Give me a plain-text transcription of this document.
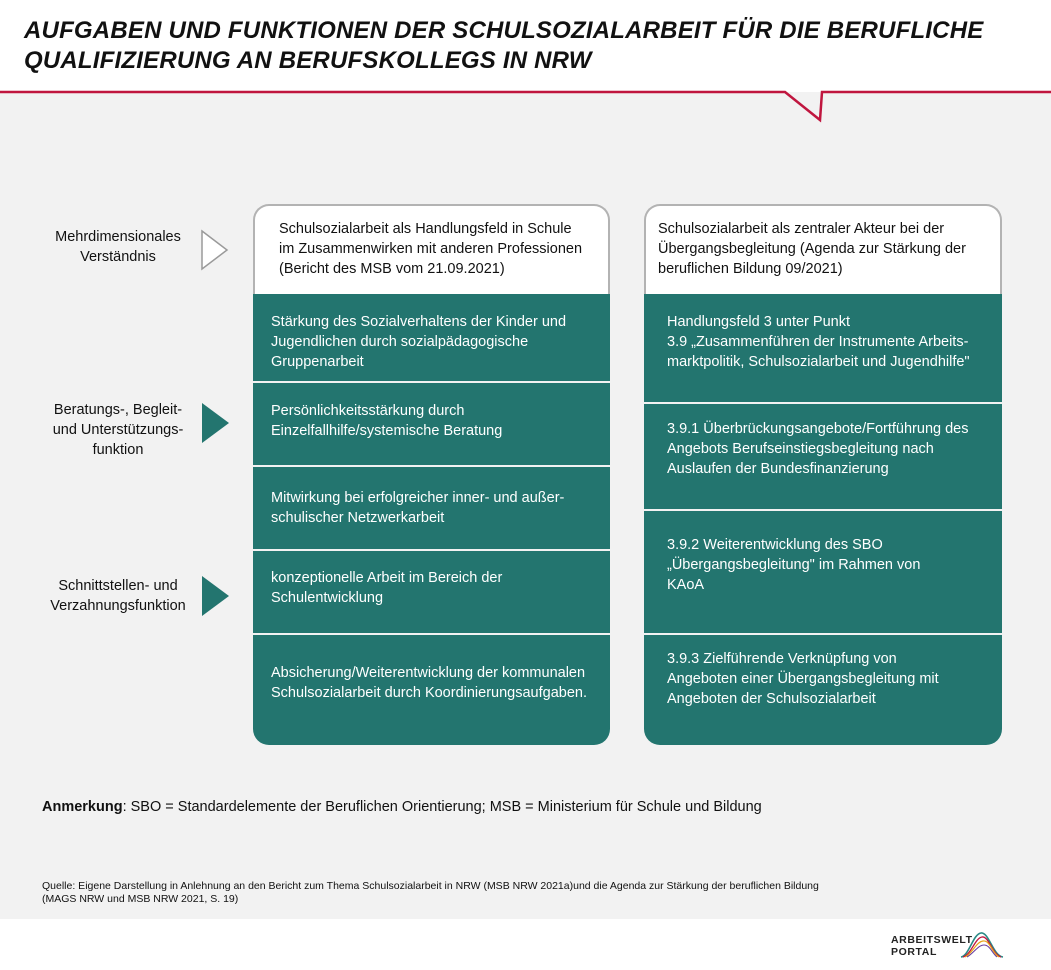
AUFGABEN UND FUNKTIONEN DER SCHULSOZIALARBEIT FÜR DIE BERUFLICHE
QUALIFIZIERUNG AN BERUFSKOLLEGS IN NRW
Mehrdimensionales
Verständnis
Beratungs-, Begleit-
und Unterstützungs-
funktion
Schnittstellen- und
Verzahnungsfunktion
Schulsozialarbeit als Handlungsfeld in Schule
im Zusammenwirken mit anderen Professionen
(Bericht des MSB vom 21.09.2021)
Stärkung des Sozialverhaltens der Kinder und
Jugendlichen durch sozialpädagogische
Gruppenarbeit
Persönlichkeitsstärkung durch
Einzelfallhilfe/systemische Beratung
Mitwirkung bei erfolgreicher inner- und außer-
schulischer Netzwerkarbeit
konzeptionelle Arbeit im Bereich der
Schulentwicklung
Absicherung/Weiterentwicklung der kommunalen
Schulsozialarbeit durch Koordinierungsaufgaben.
Schulsozialarbeit als zentraler Akteur bei der
Übergangsbegleitung (Agenda zur Stärkung der
beruflichen Bildung 09/2021)
Handlungsfeld 3 unter Punkt
3.9 „Zusammenführen der Instrumente Arbeits-
marktpolitik, Schulsozialarbeit und Jugendhilfe"
3.9.1 Überbrückungsangebote/Fortführung des
Angebots Berufseinstiegsbegleitung nach
Auslaufen der Bundesfinanzierung
3.9.2 Weiterentwicklung des SBO
„Übergangsbegleitung" im Rahmen von
KAoA
3.9.3 Zielführende Verknüpfung von
Angeboten einer Übergangsbegleitung mit
Angeboten der Schulsozialarbeit
Anmerkung: SBO = Standardelemente der Beruflichen Orientierung; MSB = Ministerium für Schule und Bildung
Quelle: Eigene Darstellung in Anlehnung an den Bericht zum Thema Schulsozialarbeit in NRW (MSB NRW 2021a)und die Agenda zur Stärkung der beruflichen Bildung
(MAGS NRW und MSB NRW 2021, S. 19)
ARBEITSWELT
PORTAL
